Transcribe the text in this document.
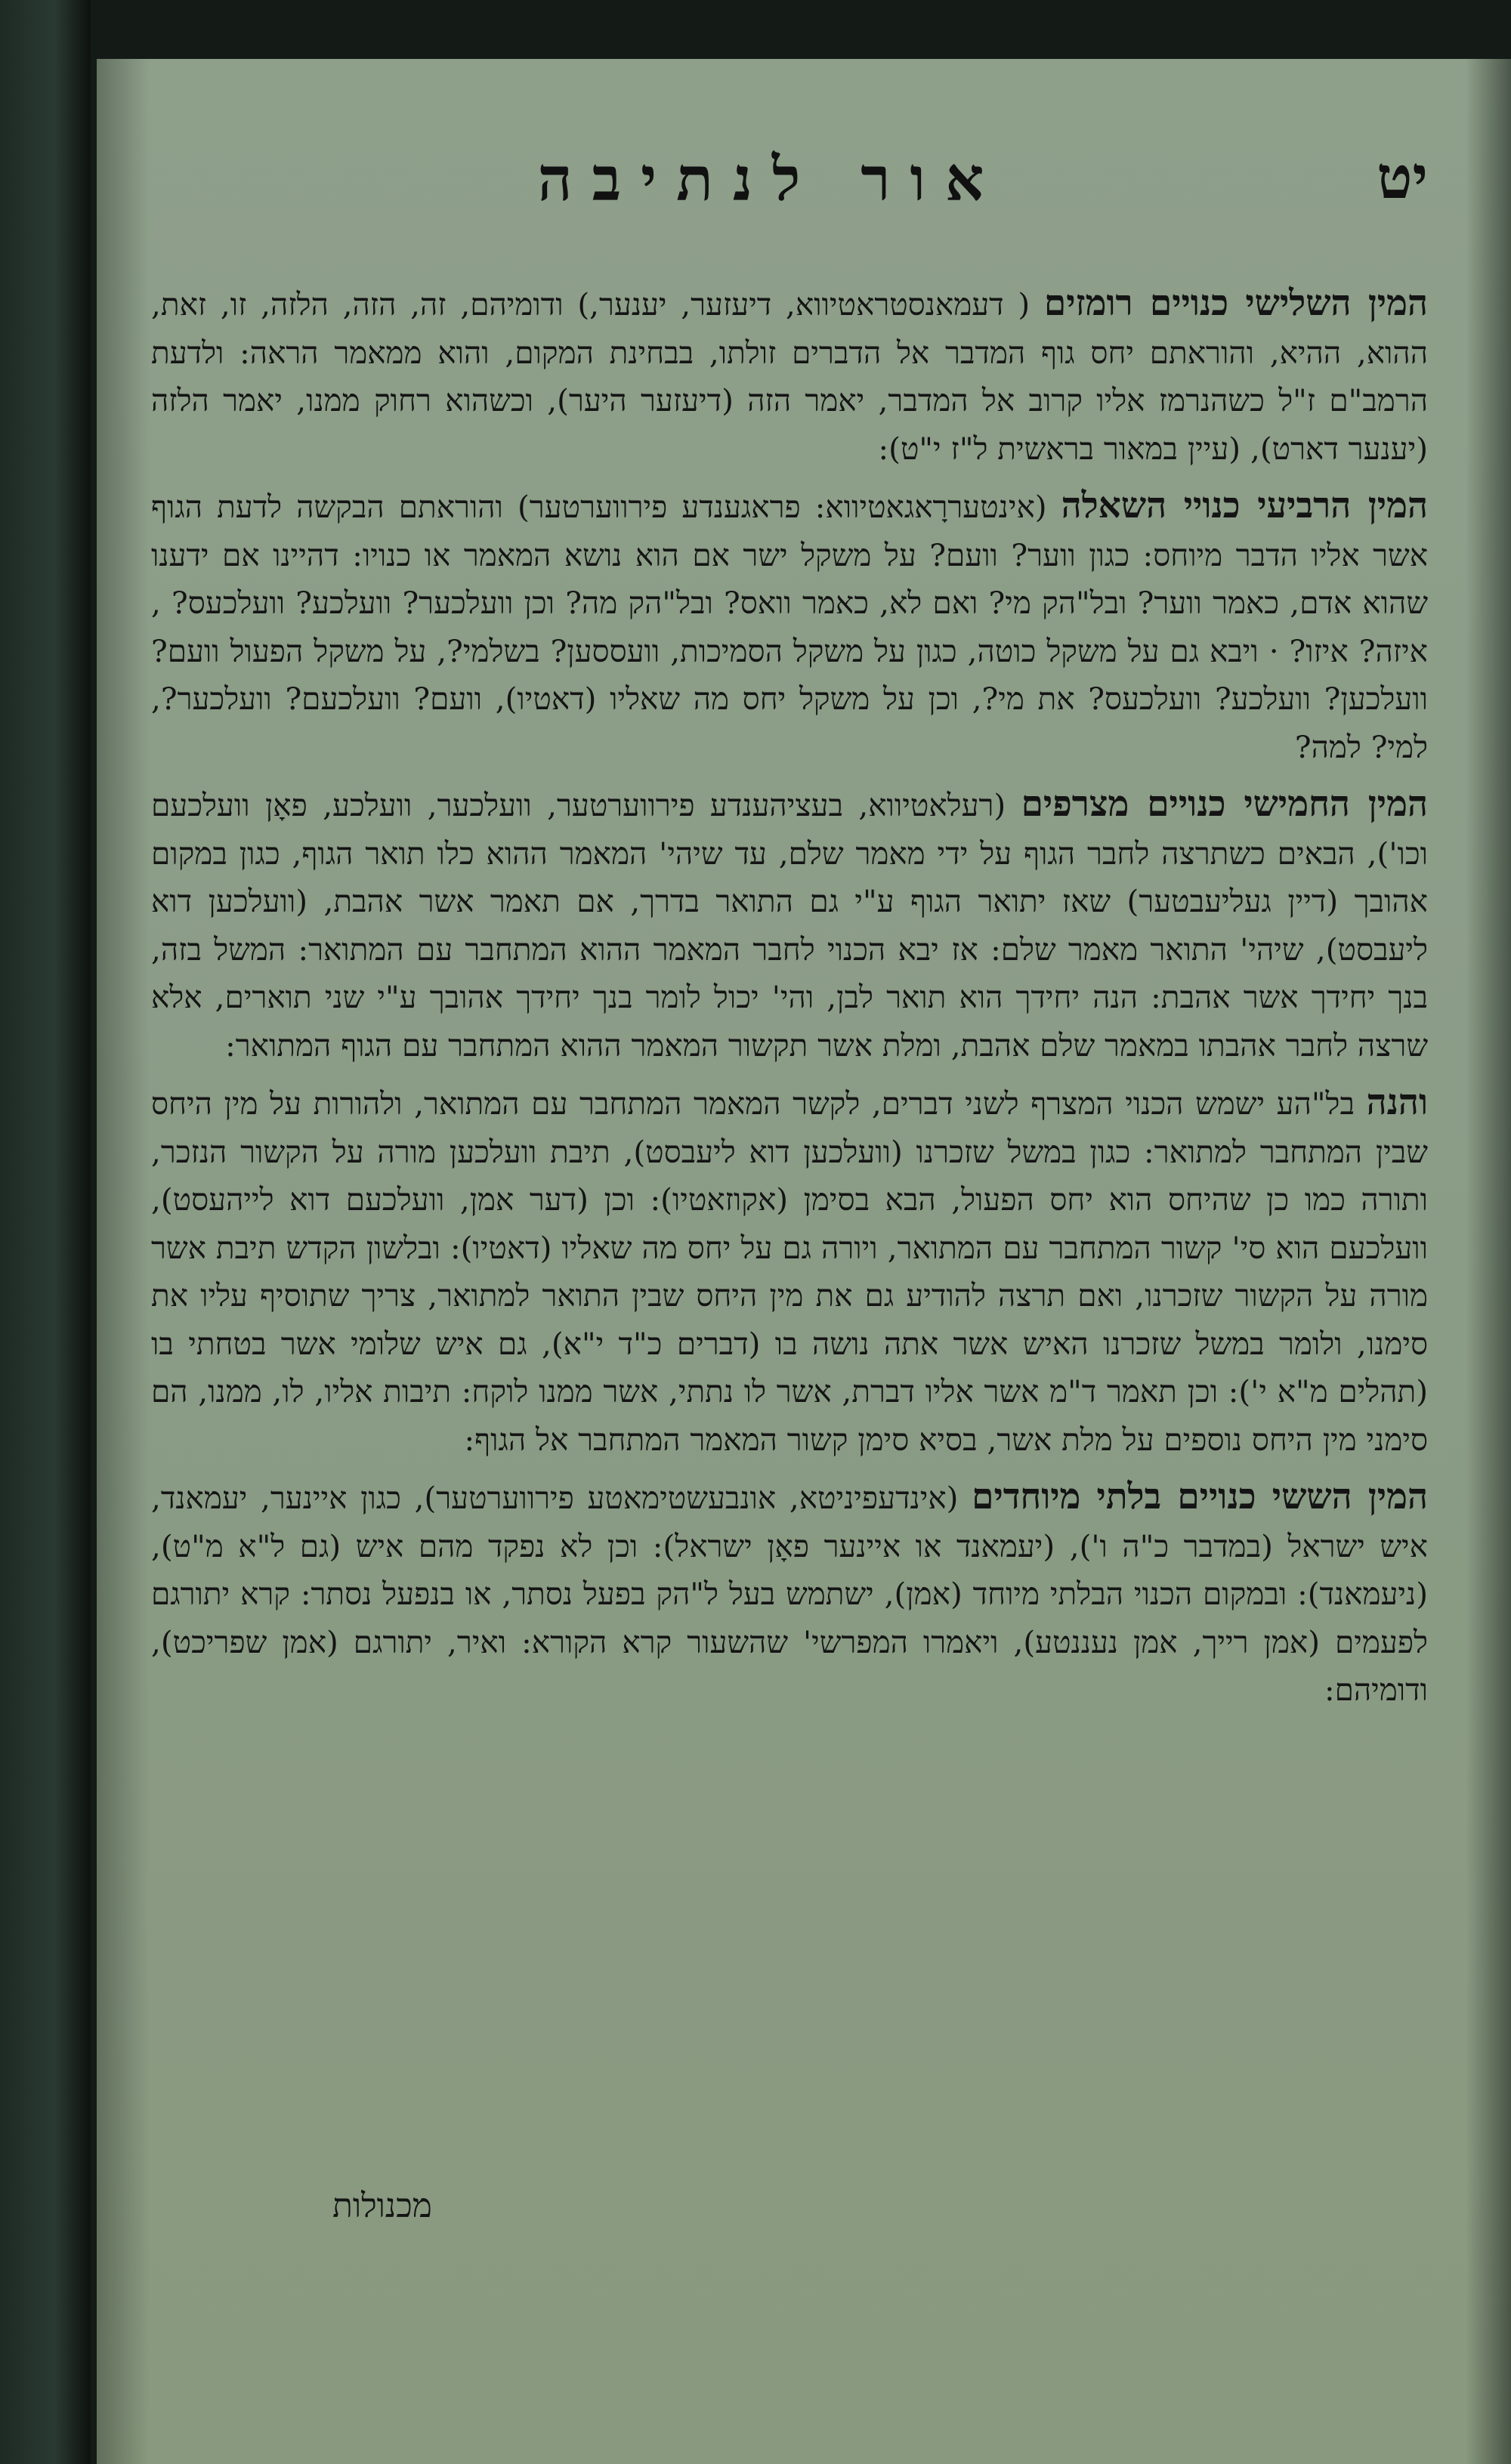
יט
אור לנתיבה

המין השלישי כנויים רומזים ( דעמאנסטראטיווא, דיעזער, יענער,) ודומיהם, זה, הזה, הלזה, זו, זאת, ההוא, ההיא, והוראתם יחס גוף המדבר אל הדברים זולתו, בבחינת המקום, והוא ממאמר הראה: ולדעת הרמב"ם ז"ל כשהנרמז אליו קרוב אל המדבר, יאמר הזה (דיעזער היער), וכשהוא רחוק ממנו, יאמר הלזה (יענער דארט), (עיין במאור בראשית ל"ז י"ט):

המין הרביעי כנויי השאלה (אינטעררָאגאטיווא: פראגענדע פירווערטער) והוראתם הבקשה לדעת הגוף אשר אליו הדבר מיוחס: כגון ווער? וועם? על משקל ישר אם הוא נושא המאמר או כנויו: דהיינו אם ידענו שהוא אדם, כאמר ווער? ובל"הק מי? ואם לא, כאמר וואס? ובל"הק מה? וכן וועלכער? וועלכע? וועלכעס? , איזה? איזו? · ויבא גם על משקל כוטה, כגון על משקל הסמיכות, וועססען? בשלמי?, על משקל הפעול וועם? וועלכען? וועלכע? וועלכעס? את מי?, וכן על משקל יחס מה שאליו (דאטיו), וועם? וועלכעם? וועלכער?, למי? למה?

המין החמישי כנויים מצרפים (רעלאטיווא, בעציהענדע פירווערטער, וועלכער, וועלכע, פאָן וועלכעם וכו'), הבאים כשתרצה לחבר הגוף על ידי מאמר שלם, עד שיהי' המאמר ההוא כלו תואר הגוף, כגון במקום אהובך (דיין געליעבטער) שאז יתואר הגוף ע"י גם התואר בדרך, אם תאמר אשר אהבת, (וועלכען דוא ליעבסט), שיהי' התואר מאמר שלם: אז יבא הכנוי לחבר המאמר ההוא המתחבר עם המתואר: המשל בזה, בנך יחידך אשר אהבת: הנה יחידך הוא תואר לבן, והי' יכול לומר בנך יחידך אהובך ע"י שני תוארים, אלא שרצה לחבר אהבתו במאמר שלם אהבת, ומלת אשר תקשור המאמר ההוא המתחבר עם הגוף המתואר:

והנה בל"הע ישמש הכנוי המצרף לשני דברים, לקשר המאמר המתחבר עם המתואר, ולהורות על מין היחס שבין המתחבר למתואר: כגון במשל שזכרנו (וועלכען דוא ליעבסט), תיבת וועלכען מורה על הקשור הנזכר, ותורה כמו כן שהיחס הוא יחס הפעול, הבא בסימן (אקוזאטיו): וכן (דער אמן, וועלכעם דוא לייהעסט), וועלכעם הוא סי' קשור המתחבר עם המתואר, ויורה גם על יחס מה שאליו (דאטיו): ובלשון הקדש תיבת אשר מורה על הקשור שזכרנו, ואם תרצה להודיע גם את מין היחס שבין התואר למתואר, צריך שתוסיף עליו את סימנו, ולומר במשל שזכרנו האיש אשר אתה נושה בו (דברים כ"ד י"א), גם איש שלומי אשר בטחתי בו (תהלים מ"א י'): וכן תאמר ד"מ אשר אליו דברת, אשר לו נתתי, אשר ממנו לוקח: תיבות אליו, לו, ממנו, הם סימני מין היחס נוספים על מלת אשר, בסיא סימן קשור המאמר המתחבר אל הגוף:

המין הששי כנויים בלתי מיוחדים (אינדעפיניטא, אונבעשטימאטע פירווערטער), כגון איינער, יעמאנד, איש ישראל (במדבר כ"ה ו'), (יעמאנד או איינער פאָן ישראל): וכן לא נפקד מהם איש (גם ל"א מ"ט), (ניעמאנד): ובמקום הכנוי הבלתי מיוחד (אמן), ישתמש בעל ל"הק בפעל נסתר, או בנפעל נסתר: קרא יתורגם לפעמים (אמן רייך, אמן נעננטע), ויאמרו המפרשי' שהשעור קרא הקורא: ואיר, יתורגם (אמן שפריכט), ודומיהם:

מכנולות
